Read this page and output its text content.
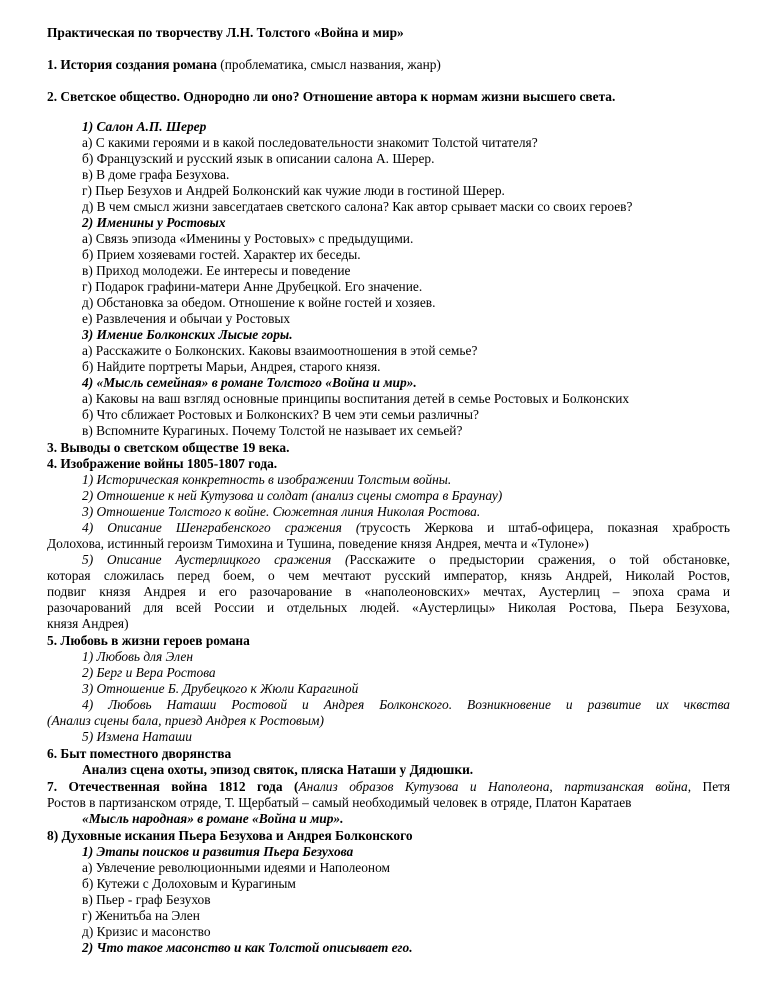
Практическая по творчеству Л.Н. Толстого «Война и мир»
1. История создания романа (проблематика, смысл названия, жанр)
2. Светское общество. Однородно ли оно? Отношение автора к нормам жизни высшего света.
1) Салон А.П. Шерер
а) С какими героями и в какой последовательности знакомит Толстой читателя?
б) Французский и русский язык в описании салона А. Шерер.
в) В доме графа Безухова.
г) Пьер Безухов и Андрей Болконский как чужие люди в гостиной Шерер.
д) В чем смысл жизни завсегдатаев светского салона? Как автор срывает маски со своих героев?
2) Именины у Ростовых
а) Связь эпизода «Именины у Ростовых» с предыдущими.
б) Прием хозяевами гостей. Характер их беседы.
в) Приход молодежи. Ее интересы и поведение
г) Подарок графини-матери Анне Друбецкой. Его значение.
д) Обстановка за обедом. Отношение к войне гостей и хозяев.
е) Развлечения и обычаи у Ростовых
3) Имение Болконских Лысые горы.
а) Расскажите о Болконских. Каковы взаимоотношения в этой семье?
б) Найдите портреты Марьи, Андрея, старого князя.
4) «Мысль семейная» в романе Толстого «Война и мир».
а) Каковы на ваш взгляд основные принципы воспитания детей в семье Ростовых и Болконских
б) Что сближает Ростовых и Болконских? В чем эти семьи различны?
в) Вспомните Курагиных. Почему Толстой не называет их семьей?
3. Выводы о светском обществе 19 века.
4. Изображение войны 1805-1807 года.
1) Историческая конкретность в изображении Толстым войны.
2) Отношение к ней Кутузова и солдат (анализ сцены смотра в Браунау)
3) Отношение Толстого к войне. Сюжетная линия Николая Ростова.
4) Описание Шенграбенского сражения (трусость Жеркова и штаб-офицера, показная храбрость
Долохова, истинный героизм Тимохина и Тушина, поведение князя Андрея, мечта и «Тулоне»)
5) Описание Аустерлицкого сражения (Расскажите о предыстории сражения, о той обстановке,
которая сложилась перед боем, о чем мечтают русский император, князь Андрей, Николай Ростов,
подвиг князя Андрея и его разочарование в «наполеоновских» мечтах, Аустерлиц – эпоха срама и
разочарований для всей России и отдельных людей. «Аустерлицы» Николая Ростова, Пьера Безухова,
князя Андрея)
5. Любовь в жизни героев романа
1) Любовь для Элен
2) Берг и Вера Ростова
3) Отношение Б. Друбецкого к Жюли Карагиной
4) Любовь Наташи Ростовой и Андрея Болконского. Возникновение и развитие их чквства
(Анализ сцены бала, приезд Андрея к Ростовым)
5) Измена Наташи
6. Быт поместного дворянства
Анализ сцена охоты, эпизод святок, пляска Наташи у Дядюшки.
7. Отечественная война 1812 года (Анализ образов Кутузова и Наполеона, партизанская война, Петя
Ростов в партизанском отряде, Т. Щербатый – самый необходимый человек в отряде, Платон Каратаев
«Мысль народная» в романе «Война и мир».
8) Духовные искания Пьера Безухова и Андрея Болконского
1) Этапы поисков и развития Пьера Безухова
а) Увлечение революционными идеями и Наполеоном
б) Кутежи с Долоховым и Курагиным
в) Пьер - граф Безухов
г) Женитьба на Элен
д) Кризис и масонство
2) Что такое масонство и как Толстой описывает его.
